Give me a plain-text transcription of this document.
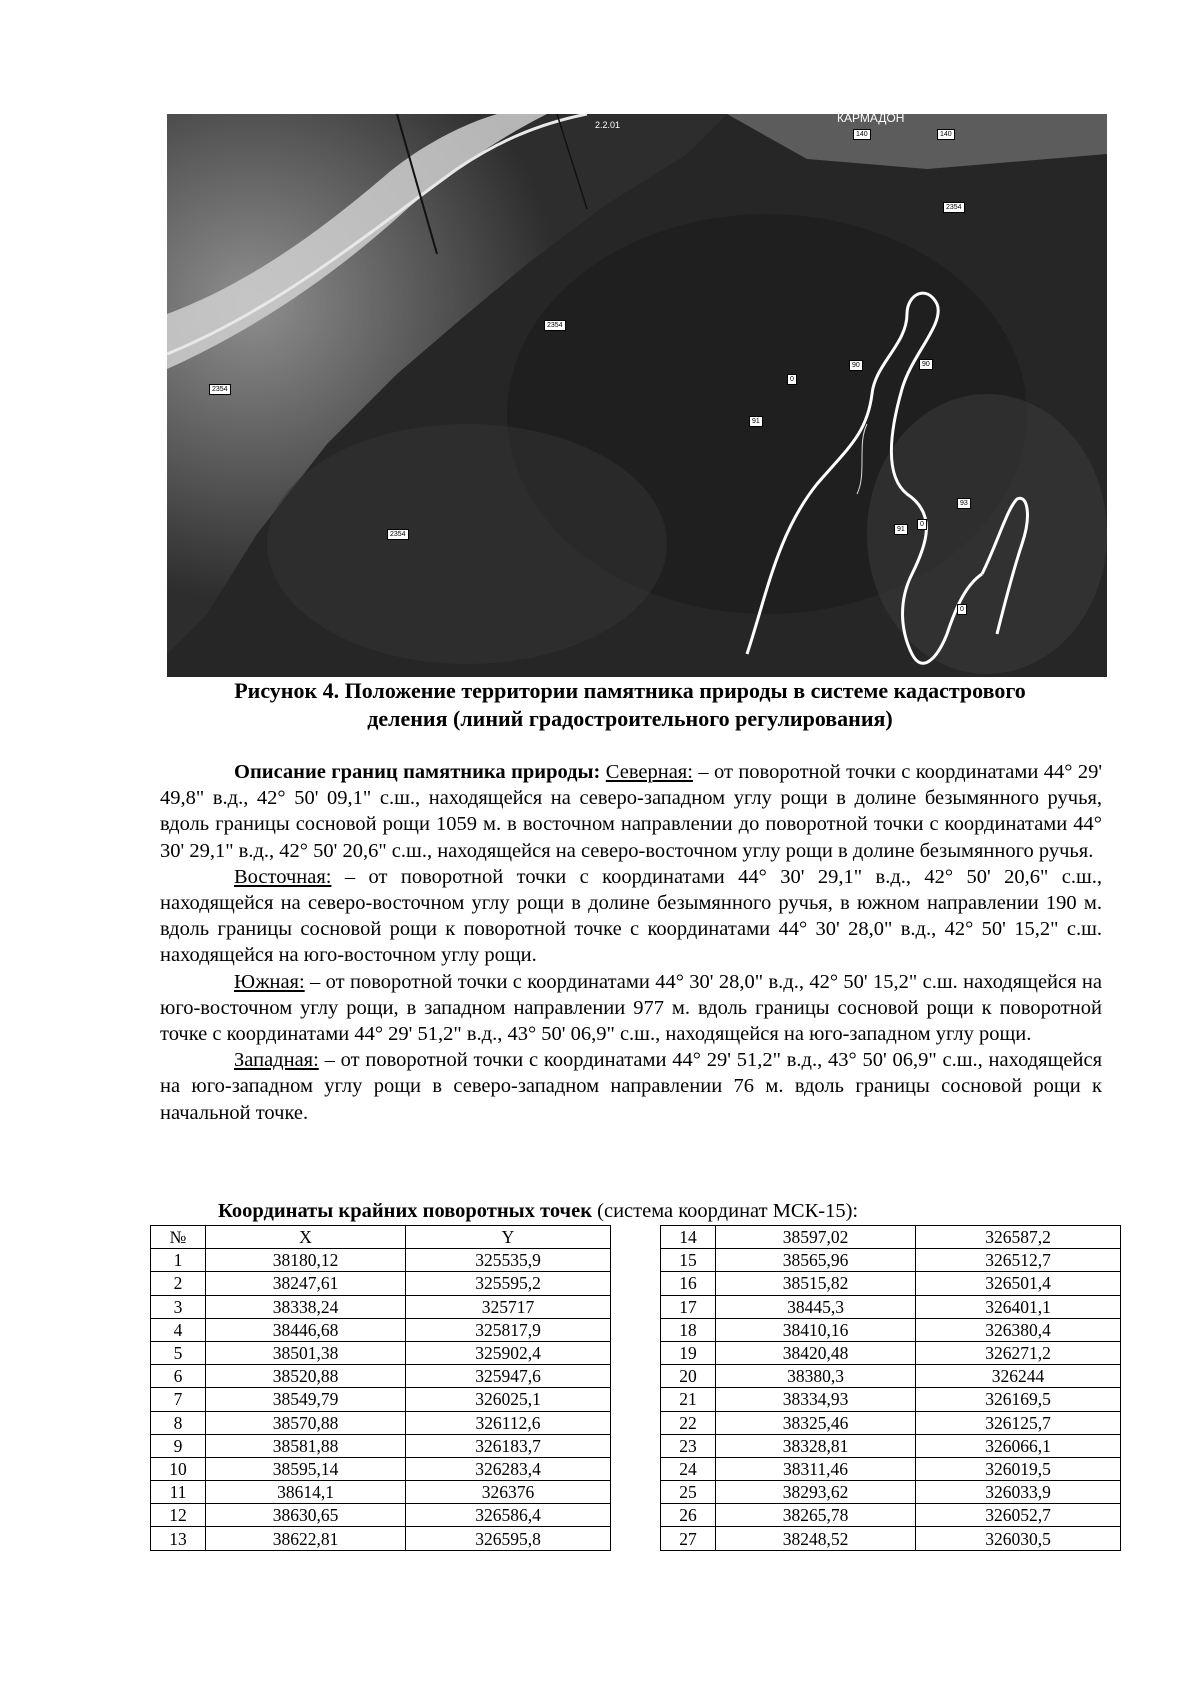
КАРМАДОН
2.2.01
2354
2354
2354
2354
90	90
91
91
93
0
0
0
140	140
Рисунок 4. Положение территории памятника природы в системе кадастрового
деления (линий градостроительного регулирования)

Описание границ памятника природы: Северная: – от поворотной точки с координатами 44° 29' 49,8" в.д., 42° 50' 09,1" с.ш., находящейся на северо-западном углу рощи в долине безымянного ручья, вдоль границы сосновой рощи 1059 м. в восточном направлении до поворотной точки с координатами 44° 30' 29,1" в.д., 42° 50' 20,6" с.ш., находящейся на северо-восточном углу рощи в долине безымянного ручья.

Восточная: – от поворотной точки с координатами 44° 30' 29,1" в.д., 42° 50' 20,6" с.ш., находящейся на северо-восточном углу рощи в долине безымянного ручья, в южном направлении 190 м. вдоль границы сосновой рощи к поворотной точке с координатами 44° 30' 28,0" в.д., 42° 50' 15,2" с.ш. находящейся на юго-восточном углу рощи.

Южная: – от поворотной точки с координатами 44° 30' 28,0" в.д., 42° 50' 15,2" с.ш. находящейся на юго-восточном углу рощи, в западном направлении 977 м. вдоль границы сосновой рощи к поворотной точке с координатами 44° 29' 51,2" в.д., 43° 50' 06,9" с.ш., находящейся на юго-западном углу рощи.

Западная: – от поворотной точки с координатами 44° 29' 51,2" в.д., 43° 50' 06,9" с.ш., находящейся на юго-западном углу рощи в северо-западном направлении 76 м. вдоль границы сосновой рощи к начальной точке.

Координаты крайних поворотных точек (система координат МСК-15):
№	X	Y
1	38180,12	325535,9
2	38247,61	325595,2
3	38338,24	325717
4	38446,68	325817,9
5	38501,38	325902,4
6	38520,88	325947,6
7	38549,79	326025,1
8	38570,88	326112,6
9	38581,88	326183,7
10	38595,14	326283,4
11	38614,1	326376
12	38630,65	326586,4
13	38622,81	326595,8
14	38597,02	326587,2
15	38565,96	326512,7
16	38515,82	326501,4
17	38445,3	326401,1
18	38410,16	326380,4
19	38420,48	326271,2
20	38380,3	326244
21	38334,93	326169,5
22	38325,46	326125,7
23	38328,81	326066,1
24	38311,46	326019,5
25	38293,62	326033,9
26	38265,78	326052,7
27	38248,52	326030,5
